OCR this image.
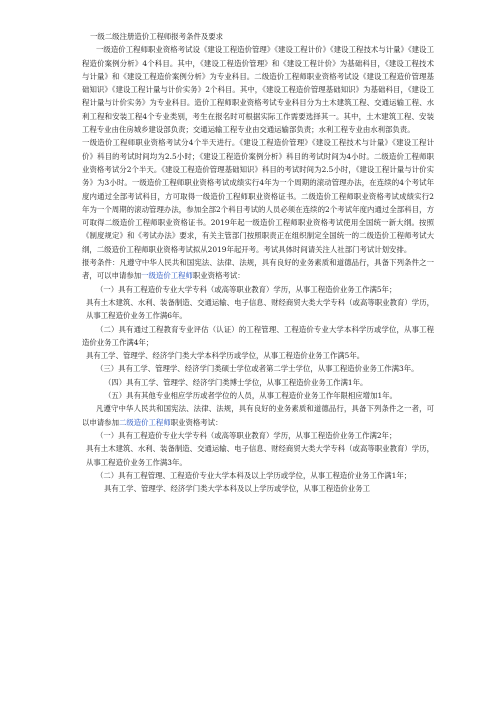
一级二级注册造价工程师报考条件及要求

一级造价工程师职业资格考试设《建设工程造价管理》《建设工程计价》《建设工程技术与计量》《建设工程造价案例分析》4个科目。其中，《建设工程造价管理》和《建设工程计价》为基础科目，《建设工程技术与计量》和《建设工程造价案例分析》为专业科目。二级造价工程师职业资格考试设《建设工程造价管理基础知识》《建设工程计量与计价实务》2个科目。其中，《建设工程造价管理基础知识》为基础科目，《建设工程计量与计价实务》为专业科目。造价工程师职业资格考试专业科目分为土木建筑工程、交通运输工程、水利工程和安装工程4个专业类别，考生在报名时可根据实际工作需要选择其一。其中，土木建筑工程、安装工程专业由住房城乡建设部负责；交通运输工程专业由交通运输部负责；水利工程专业由水利部负责。

一级造价工程师职业资格考试分4个半天进行。《建设工程造价管理》《建设工程技术与计量》《建设工程计价》科目的考试时间均为2.5小时；《建设工程造价案例分析》科目的考试时间为4小时。二级造价工程师职业资格考试分2个半天。《建设工程造价管理基础知识》科目的考试时间为2.5小时，《建设工程计量与计价实务》为3小时。一级造价工程师职业资格考试成绩实行4年为一个周期的滚动管理办法，在连续的4个考试年度内通过全部考试科目，方可取得一级造价工程师职业资格证书。二级造价工程师职业资格考试成绩实行2年为一个周期的滚动管理办法，参加全部2个科目考试的人员必须在连续的2个考试年度内通过全部科目，方可取得二级造价工程师职业资格证书。2019年起一级造价工程师职业资格考试使用全国统一新大纲。按照《制度规定》和《考试办法》要求，有关主管部门按照职责正在组织制定全国统一的二级造价工程师考试大纲，二级造价工程师职业资格考试拟从2019年起开考。考试具体时间请关注人社部门考试计划安排。

报考条件：凡遵守中华人民共和国宪法、法律、法规，具有良好的业务素质和道德品行，具备下列条件之一者，可以申请参加一级造价工程师职业资格考试：

（一）具有工程造价专业大学专科（或高等职业教育）学历，从事工程造价业务工作满5年；

具有土木建筑、水利、装备制造、交通运输、电子信息、财经商贸大类大学专科（或高等职业教育）学历，从事工程造价业务工作满6年。

（二）具有通过工程教育专业评估（认证）的工程管理、工程造价专业大学本科学历或学位，从事工程造价业务工作满4年；

具有工学、管理学、经济学门类大学本科学历或学位，从事工程造价业务工作满5年。

（三）具有工学、管理学、经济学门类硕士学位或者第二学士学位，从事工程造价业务工作满3年。

（四）具有工学、管理学、经济学门类博士学位，从事工程造价业务工作满1年。

（五）具有其他专业相应学历或者学位的人员，从事工程造价业务工作年限相应增加1年。

凡遵守中华人民共和国宪法、法律、法规，具有良好的业务素质和道德品行，具备下列条件之一者，可以申请参加二级造价工程师职业资格考试：

（一）具有工程造价专业大学专科（或高等职业教育）学历，从事工程造价业务工作满2年；

具有土木建筑、水利、装备制造、交通运输、电子信息、财经商贸大类大学专科（或高等职业教育）学历，从事工程造价业务工作满3年。

（二）具有工程管理、工程造价专业大学本科及以上学历或学位，从事工程造价业务工作满1年；

具有工学、管理学、经济学门类大学本科及以上学历或学位，从事工程造价业务工
